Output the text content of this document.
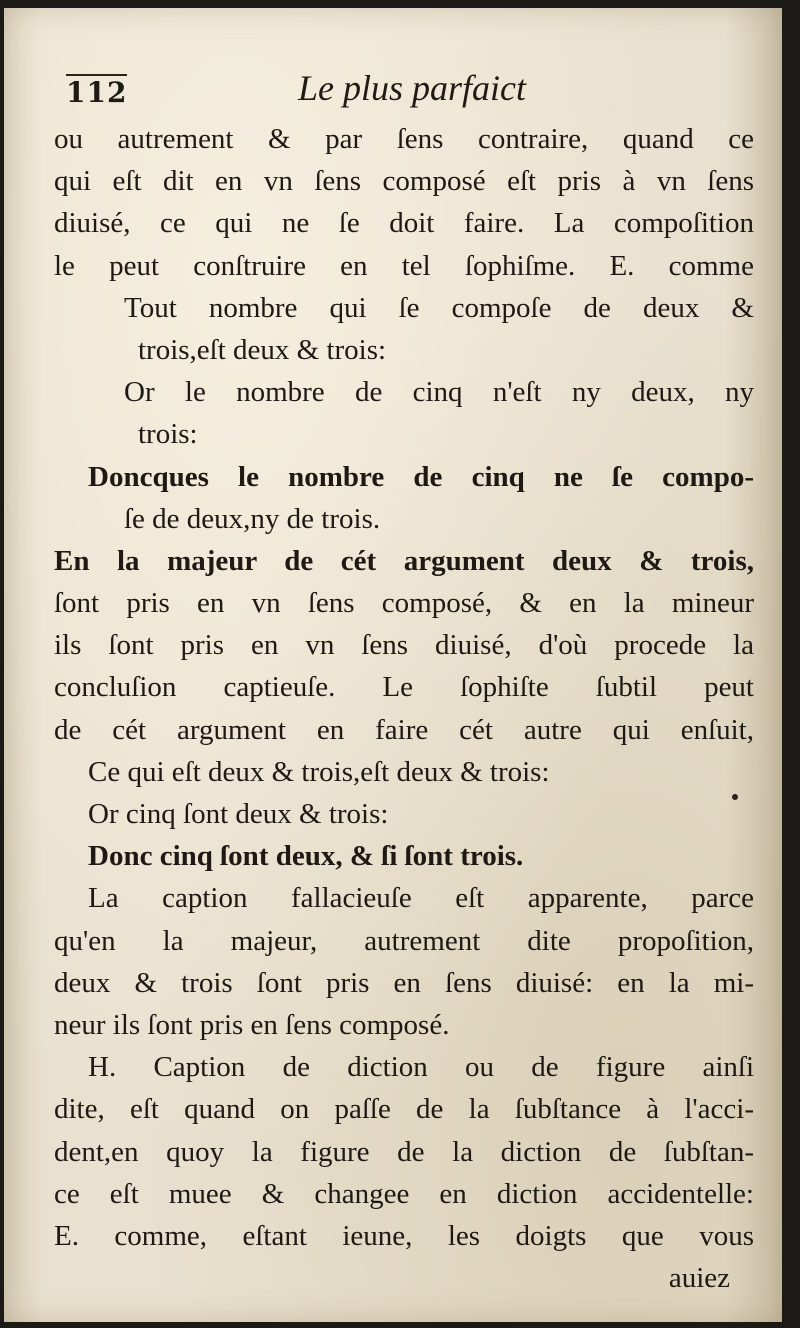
112	Le plus parfaict
ou autrement & par ſens contraire, quand ce
qui eſt dit en vn ſens composé eſt pris à vn ſens
diuisé, ce qui ne ſe doit faire. La compoſition
le peut conſtruire en tel ſophiſme. E. comme
Tout nombre qui ſe compoſe de deux &
trois,eſt deux & trois:
Or le nombre de cinq n'eſt ny deux, ny
trois:
Doncques le nombre de cinq ne ſe compo-
ſe de deux,ny de trois.
En la majeur de cét argument deux & trois,
ſont pris en vn ſens composé, & en la mineur
ils ſont pris en vn ſens diuisé, d'où procede la
concluſion captieuſe. Le ſophiſte ſubtil peut
de cét argument en faire cét autre qui enſuit,
Ce qui eſt deux & trois,eſt deux & trois:
Or cinq ſont deux & trois:
Donc cinq ſont deux, & ſi ſont trois.
La caption fallacieuſe eſt apparente, parce
qu'en la majeur, autrement dite propoſition,
deux & trois ſont pris en ſens diuisé: en la mi-
neur ils ſont pris en ſens composé.
H. Caption de diction ou de figure ainſi
dite, eſt quand on paſſe de la ſubſtance à l'acci-
dent,en quoy la figure de la diction de ſubſtan-
ce eſt muee & changee en diction accidentelle:
E. comme, eſtant ieune, les doigts que vous
auiez
